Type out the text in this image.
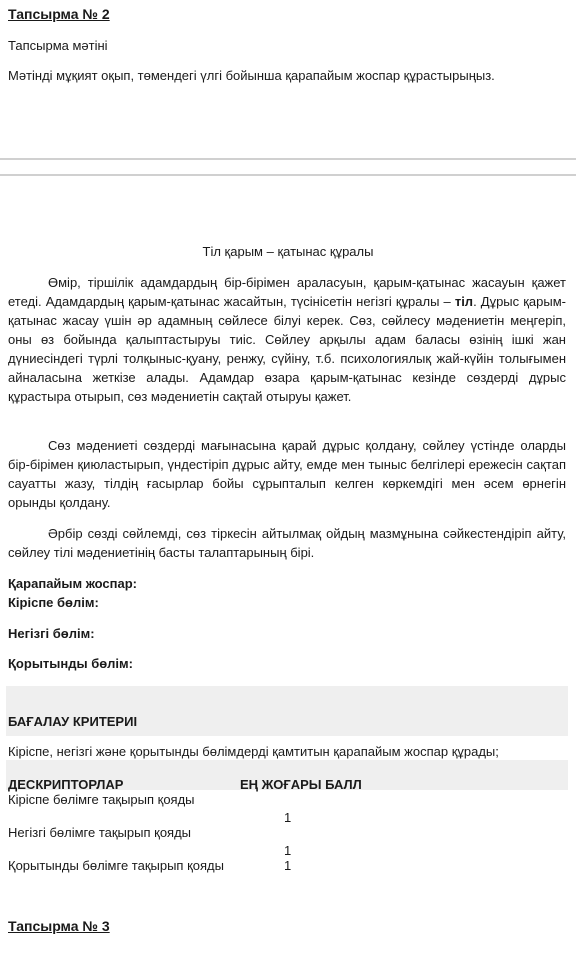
Тапсырма № 2
Тапсырма мәтіні
Мәтінді мұқият оқып, төмендегі үлгі бойынша қарапайым жоспар құрастырыңыз.
Тіл қарым – қатынас құралы
Өмір, тіршілік адамдардың бір-бірімен араласуын, қарым-қатынас жасауын қажет етеді. Адамдардың қарым-қатынас жасайтын, түсінісетін негізгі құралы – тіл. Дұрыс қарым-қатынас жасау үшін әр адамның сөйлесе білуі керек. Сөз, сөйлесу мәдениетін меңгеріп, оны өз бойында қалыптастыруы тиіс. Сөйлеу арқылы адам баласы өзінің ішкі жан дүниесіндегі түрлі толқыныс-қуану, ренжу, сүйіну, т.б. психологиялық жай-күйін толығымен айналасына жеткізе алады. Адамдар өзара қарым-қатынас кезінде сөздерді дұрыс құрастыра отырып, сөз мәдениетін сақтай отыруы қажет.
Сөз мәдениеті сөздерді мағынасына қарай дұрыс қолдану, сөйлеу үстінде оларды бір-бірімен қиюластырып, үндестіріп дұрыс айту, емде мен тыныс белгілері ережесін сақтап сауатты жазу, тілдің ғасырлар бойы сұрыпталып келген көркемдігі мен әсем өрнегін орынды қолдану.
Әрбір сөзді сөйлемді, сөз тіркесін айтылмақ ойдың мазмұнына сәйкестендіріп айту, сөйлеу тілі мәдениетінің басты талаптарының бірі.
Қарапайым жоспар:
Кіріспе бөлім:
Негізгі бөлім:
Қорытынды бөлім:
БАҒАЛАУ КРИТЕРИІ
Кіріспе, негізгі және қорытынды бөлімдерді қамтитын қарапайым жоспар құрады;
ДЕСКРИПТОРЛАР	ЕҢ ЖОҒАРЫ БАЛЛ
Кіріспе бөлімге тақырып қояды
1
Негізгі бөлімге тақырып қояды
1
Қорытынды бөлімге тақырып қояды	1
Тапсырма № 3
